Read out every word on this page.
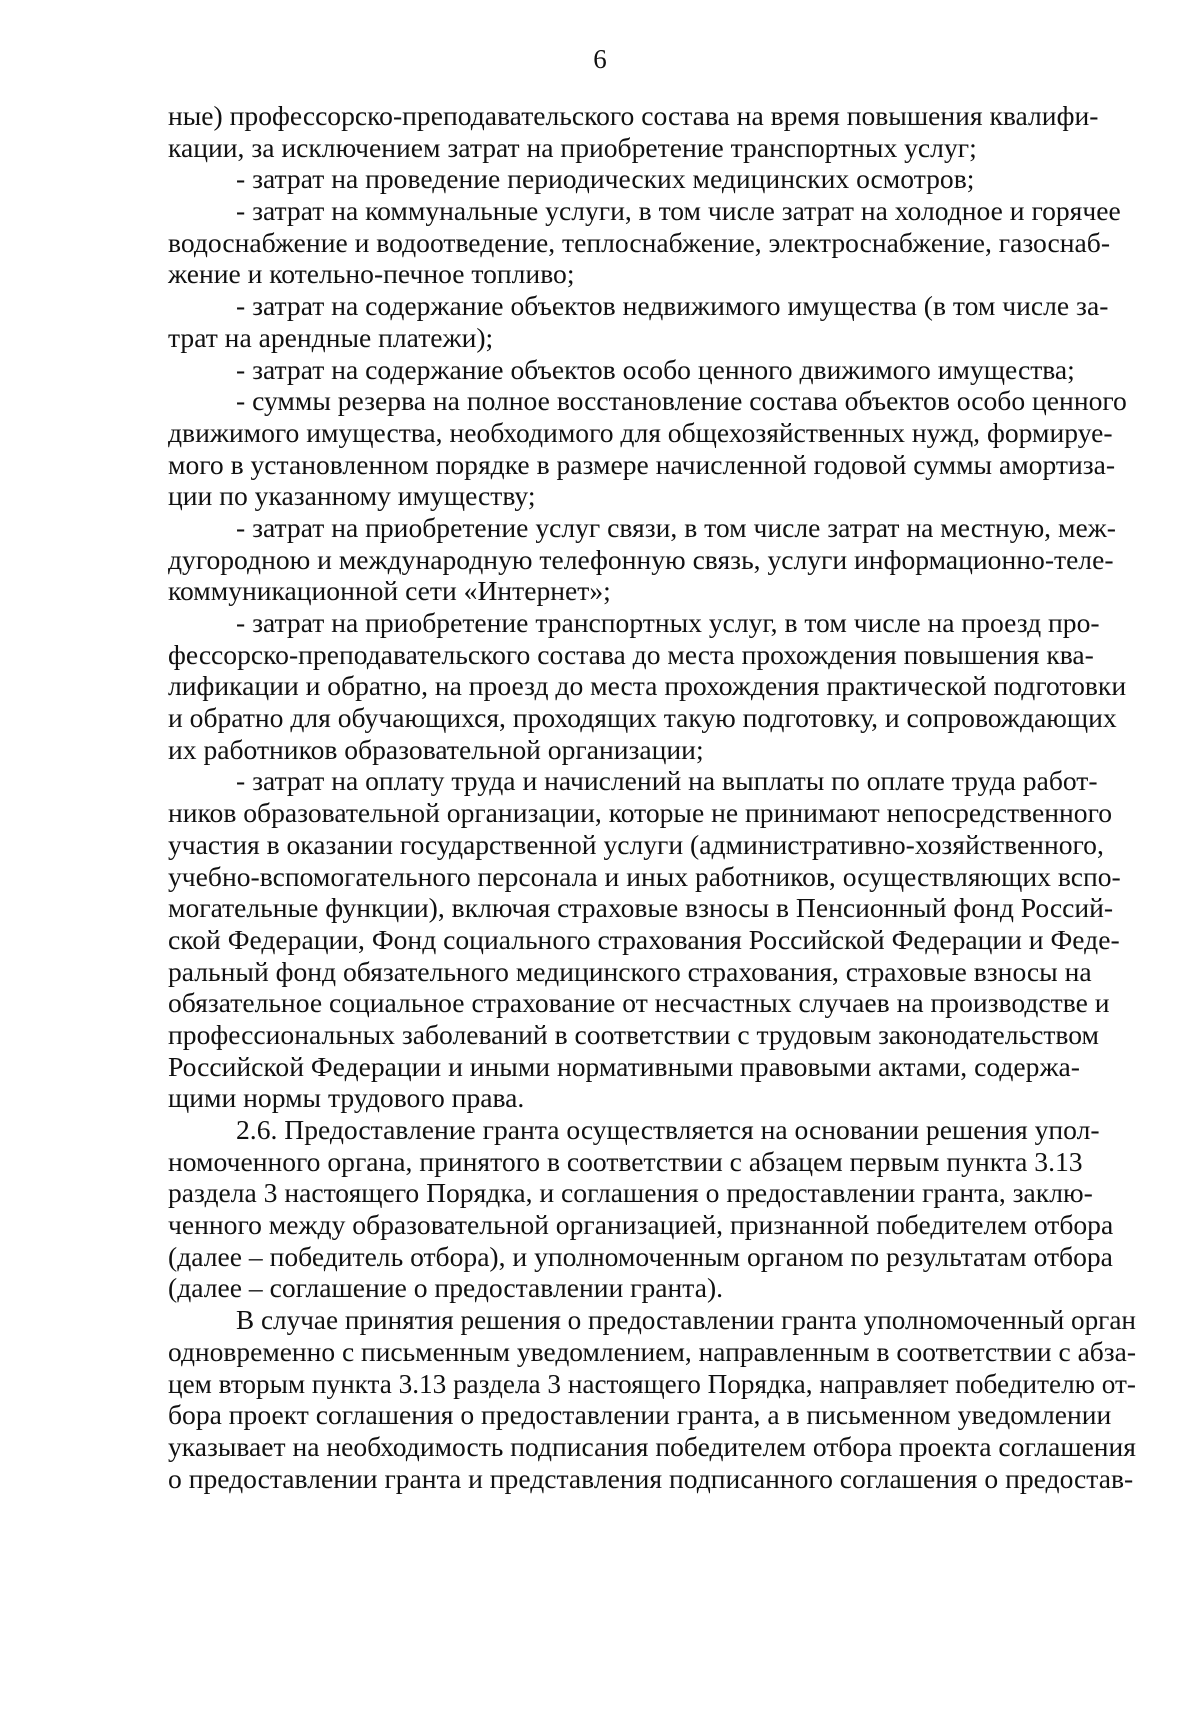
6
ные) профессорско-преподавательского состава на время повышения квалифи-
кации, за исключением затрат на приобретение транспортных услуг;
- затрат на проведение периодических медицинских осмотров;
- затрат на коммунальные услуги, в том числе затрат на холодное и горячее
водоснабжение и водоотведение, теплоснабжение, электроснабжение, газоснаб-
жение и котельно-печное топливо;
- затрат на содержание объектов недвижимого имущества (в том числе за-
трат на арендные платежи);
- затрат на содержание объектов особо ценного движимого имущества;
- суммы резерва на полное восстановление состава объектов особо ценного
движимого имущества, необходимого для общехозяйственных нужд, формируе-
мого в установленном порядке в размере начисленной годовой суммы амортиза-
ции по указанному имуществу;
- затрат на приобретение услуг связи, в том числе затрат на местную, меж-
дугородною и международную телефонную связь, услуги информационно-теле-
коммуникационной сети «Интернет»;
- затрат на приобретение транспортных услуг, в том числе на проезд про-
фессорско-преподавательского состава до места прохождения повышения ква-
лификации и обратно, на проезд до места прохождения практической подготовки
и обратно для обучающихся, проходящих такую подготовку, и сопровождающих
их работников образовательной организации;
- затрат на оплату труда и начислений на выплаты по оплате труда работ-
ников образовательной организации, которые не принимают непосредственного
участия в оказании государственной услуги (административно-хозяйственного,
учебно-вспомогательного персонала и иных работников, осуществляющих вспо-
могательные функции), включая страховые взносы в Пенсионный фонд Россий-
ской Федерации, Фонд социального страхования Российской Федерации и Феде-
ральный фонд обязательного медицинского страхования, страховые взносы на
обязательное социальное страхование от несчастных случаев на производстве и
профессиональных заболеваний в соответствии с трудовым законодательством
Российской Федерации и иными нормативными правовыми актами, содержа-
щими нормы трудового права.
2.6. Предоставление гранта осуществляется на основании решения упол-
номоченного органа, принятого в соответствии с абзацем первым пункта 3.13
раздела 3 настоящего Порядка, и соглашения о предоставлении гранта, заклю-
ченного между образовательной организацией, признанной победителем отбора
(далее – победитель отбора), и уполномоченным органом по результатам отбора
(далее – соглашение о предоставлении гранта).
В случае принятия решения о предоставлении гранта уполномоченный орган
одновременно с письменным уведомлением, направленным в соответствии с абза-
цем вторым пункта 3.13 раздела 3 настоящего Порядка, направляет победителю от-
бора проект соглашения о предоставлении гранта, а в письменном уведомлении
указывает на необходимость подписания победителем отбора проекта соглашения
о предоставлении гранта и представления подписанного соглашения о предостав-
